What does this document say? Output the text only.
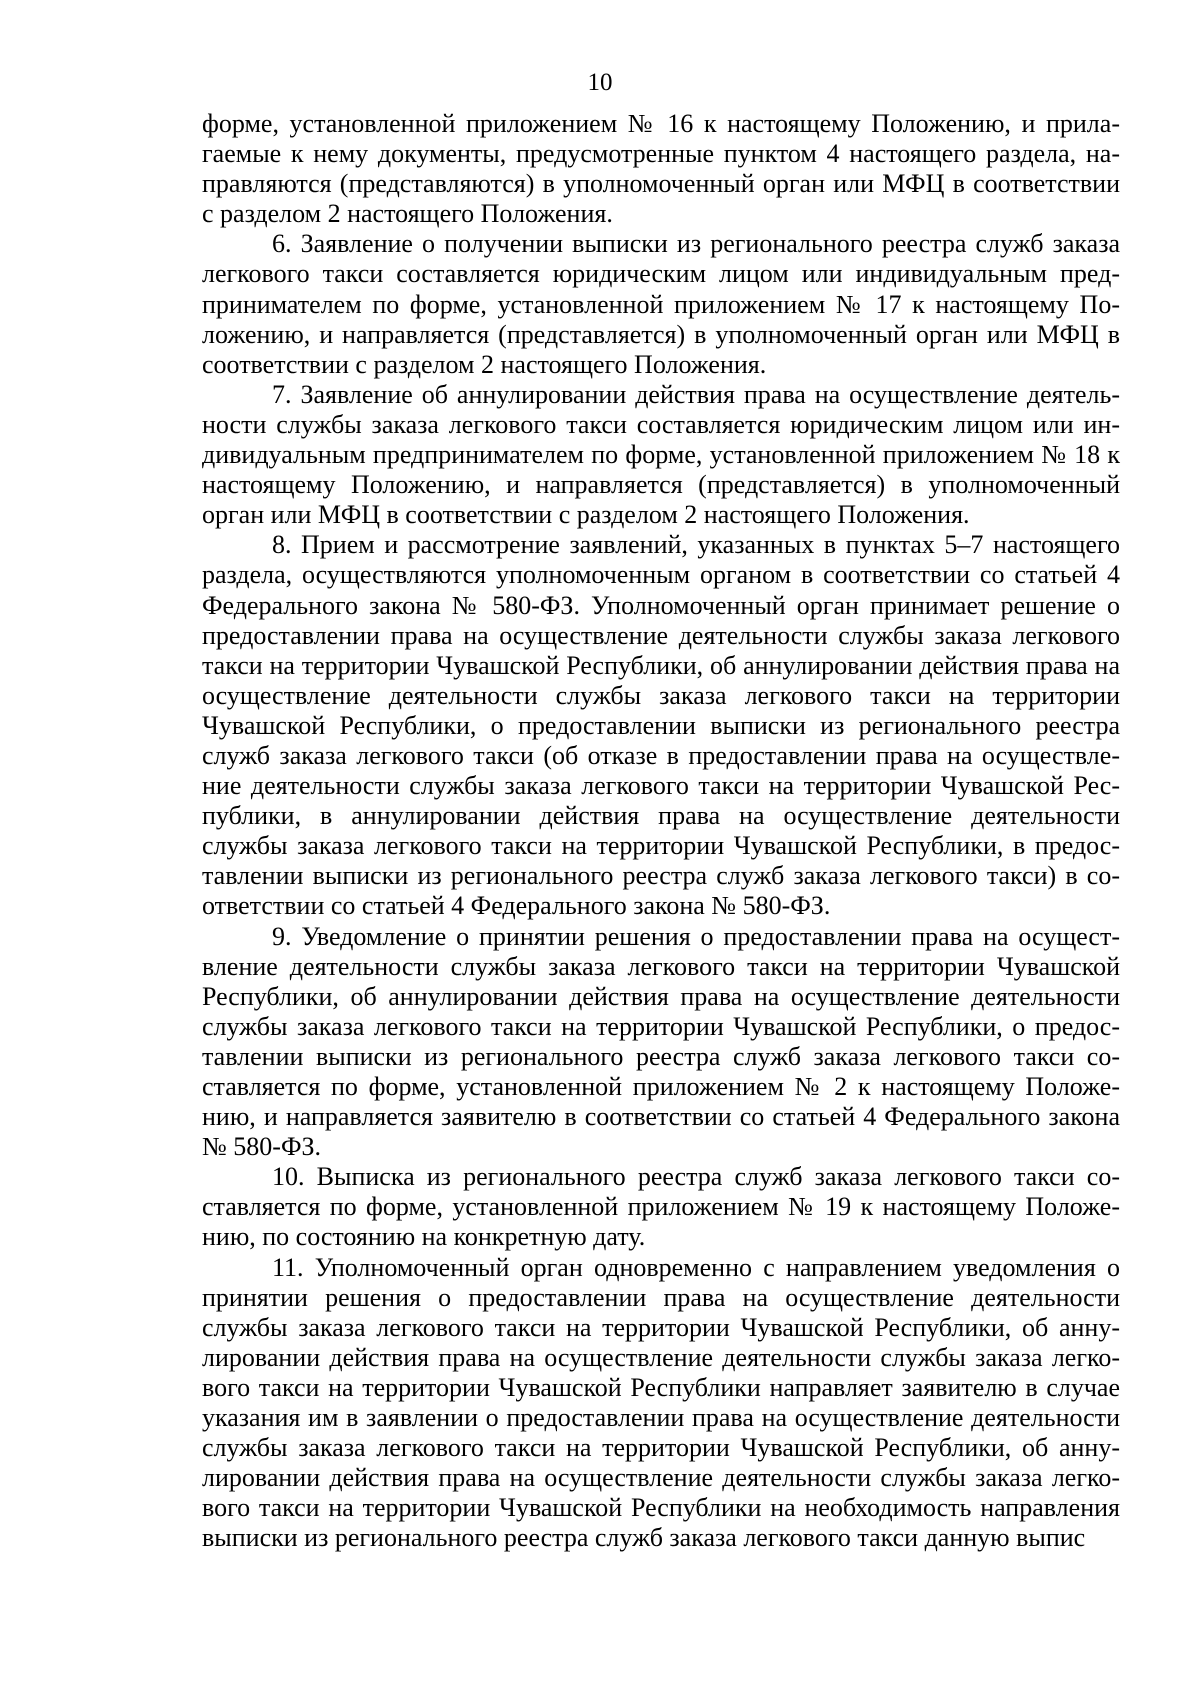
10

форме, установленной приложением № 16 к настоящему Положению, и прилагаемые к нему документы, предусмотренные пунктом 4 настоящего раздела, направляются (представляются) в уполномоченный орган или МФЦ в соответствии с разделом 2 настоящего Положения.

6. Заявление о получении выписки из регионального реестра служб заказа легкового такси составляется юридическим лицом или индивидуальным предпринимателем по форме, установленной приложением № 17 к настоящему Положению, и направляется (представляется) в уполномоченный орган или МФЦ в соответствии с разделом 2 настоящего Положения.

7. Заявление об аннулировании действия права на осуществление деятельности службы заказа легкового такси составляется юридическим лицом или индивидуальным предпринимателем по форме, установленной приложением № 18 к настоящему Положению, и направляется (представляется) в уполномоченный орган или МФЦ в соответствии с разделом 2 настоящего Положения.

8. Прием и рассмотрение заявлений, указанных в пунктах 5–7 настоящего раздела, осуществляются уполномоченным органом в соответствии со статьей 4 Федерального закона № 580-ФЗ. Уполномоченный орган принимает решение о предоставлении права на осуществление деятельности службы заказа легкового такси на территории Чувашской Республики, об аннулировании действия права на осуществление деятельности службы заказа легкового такси на территории Чувашской Республики, о предоставлении выписки из регионального реестра служб заказа легкового такси (об отказе в предоставлении права на осуществление деятельности службы заказа легкового такси на территории Чувашской Республики, в аннулировании действия права на осуществление деятельности службы заказа легкового такси на территории Чувашской Республики, в предоставлении выписки из регионального реестра служб заказа легкового такси) в соответствии со статьей 4 Федерального закона № 580-ФЗ.

9. Уведомление о принятии решения о предоставлении права на осуществление деятельности службы заказа легкового такси на территории Чувашской Республики, об аннулировании действия права на осуществление деятельности службы заказа легкового такси на территории Чувашской Республики, о предоставлении выписки из регионального реестра служб заказа легкового такси составляется по форме, установленной приложением № 2 к настоящему Положению, и направляется заявителю в соответствии со статьей 4 Федерального закона № 580-ФЗ.

10. Выписка из регионального реестра служб заказа легкового такси составляется по форме, установленной приложением № 19 к настоящему Положению, по состоянию на конкретную дату.

11. Уполномоченный орган одновременно с направлением уведомления о принятии решения о предоставлении права на осуществление деятельности службы заказа легкового такси на территории Чувашской Республики, об аннулировании действия права на осуществление деятельности службы заказа легкового такси на территории Чувашской Республики направляет заявителю в случае указания им в заявлении о предоставлении права на осуществление деятельности службы заказа легкового такси на территории Чувашской Республики, об аннулировании действия права на осуществление деятельности службы заказа легкового такси на территории Чувашской Республики на необходимость направления выписки из регионального реестра служб заказа легкового такси данную выпис
